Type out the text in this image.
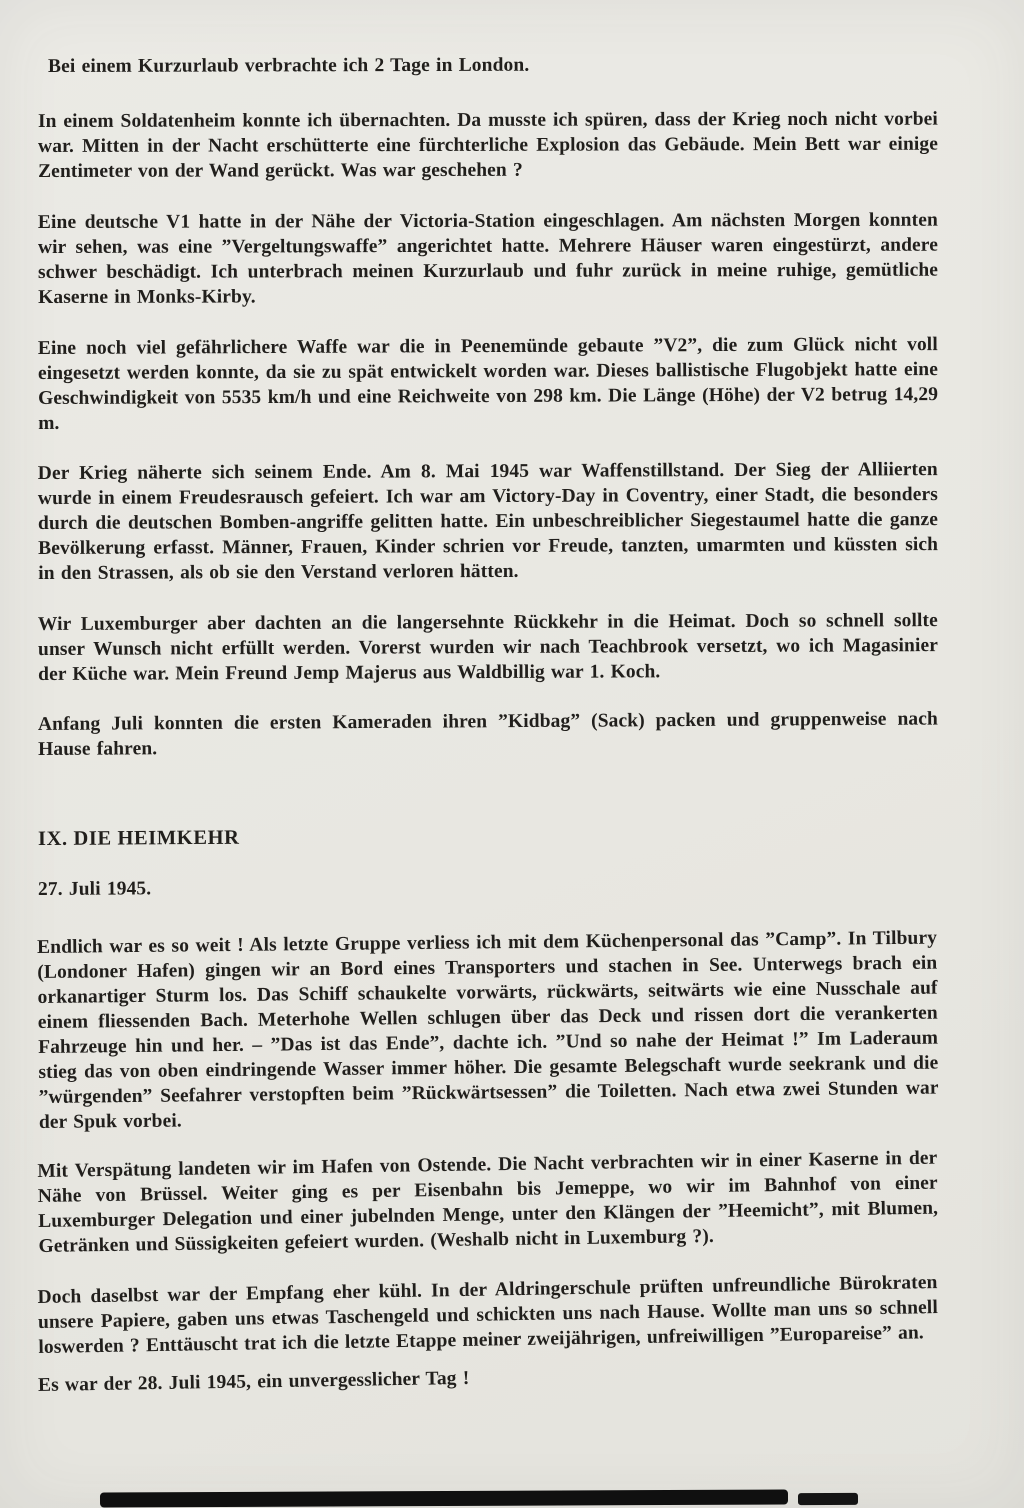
Bei einem Kurzurlaub verbrachte ich 2 Tage in London.

In einem Soldatenheim konnte ich übernachten. Da musste ich spüren, dass der Krieg noch nicht vorbei war. Mitten in der Nacht erschütterte eine fürchterliche Explosion das Gebäude. Mein Bett war einige Zentimeter von der Wand gerückt. Was war geschehen ?

Eine deutsche V1 hatte in der Nähe der Victoria-Station eingeschlagen. Am nächsten Morgen konnten wir sehen, was eine ”Vergeltungswaffe” angerichtet hatte. Mehrere Häuser waren eingestürzt, andere schwer beschädigt. Ich unterbrach meinen Kurzurlaub und fuhr zurück in meine ruhige, gemütliche Kaserne in Monks-Kirby.

Eine noch viel gefährlichere Waffe war die in Peenemünde gebaute ”V2”, die zum Glück nicht voll eingesetzt werden konnte, da sie zu spät entwickelt worden war. Dieses ballistische Flugobjekt hatte eine Geschwindigkeit von 5535 km/h und eine Reichweite von 298 km. Die Länge (Höhe) der V2 betrug 14,29 m.

Der Krieg näherte sich seinem Ende. Am 8. Mai 1945 war Waffenstillstand. Der Sieg der Alliierten wurde in einem Freudesrausch gefeiert. Ich war am Victory-Day in Coventry, einer Stadt, die besonders durch die deutschen Bomben-angriffe gelitten hatte. Ein unbeschreiblicher Siegestaumel hatte die ganze Bevölkerung erfasst. Männer, Frauen, Kinder schrien vor Freude, tanzten, umarmten und küssten sich in den Strassen, als ob sie den Verstand verloren hätten.

Wir Luxemburger aber dachten an die langersehnte Rückkehr in die Heimat. Doch so schnell sollte unser Wunsch nicht erfüllt werden. Vorerst wurden wir nach Teachbrook versetzt, wo ich Magasinier der Küche war. Mein Freund Jemp Majerus aus Waldbillig war 1. Koch.

Anfang Juli konnten die ersten Kameraden ihren ”Kidbag” (Sack) packen und gruppenweise nach Hause fahren.

IX. DIE HEIMKEHR

27. Juli 1945.

Endlich war es so weit ! Als letzte Gruppe verliess ich mit dem Küchenpersonal das ”Camp”. In Tilbury (Londoner Hafen) gingen wir an Bord eines Transporters und stachen in See. Unterwegs brach ein orkanartiger Sturm los. Das Schiff schaukelte vorwärts, rückwärts, seitwärts wie eine Nusschale auf einem fliessenden Bach. Meterhohe Wellen schlugen über das Deck und rissen dort die verankerten Fahrzeuge hin und her. – ”Das ist das Ende”, dachte ich. ”Und so nahe der Heimat !” Im Laderaum stieg das von oben eindringende Wasser immer höher. Die gesamte Belegschaft wurde seekrank und die ”würgenden” Seefahrer verstopften beim ”Rückwärtsessen” die Toiletten. Nach etwa zwei Stunden war der Spuk vorbei.

Mit Verspätung landeten wir im Hafen von Ostende. Die Nacht verbrachten wir in einer Kaserne in der Nähe von Brüssel. Weiter ging es per Eisenbahn bis Jemeppe, wo wir im Bahnhof von einer Luxemburger Delegation und einer jubelnden Menge, unter den Klängen der ”Heemicht”, mit Blumen, Getränken und Süssigkeiten gefeiert wurden. (Weshalb nicht in Luxemburg ?).

Doch daselbst war der Empfang eher kühl. In der Aldringerschule prüften unfreundliche Bürokraten unsere Papiere, gaben uns etwas Taschengeld und schickten uns nach Hause. Wollte man uns so schnell loswerden ? Enttäuscht trat ich die letzte Etappe meiner zweijährigen, unfreiwilligen ”Europareise” an.

Es war der 28. Juli 1945, ein unvergesslicher Tag !
